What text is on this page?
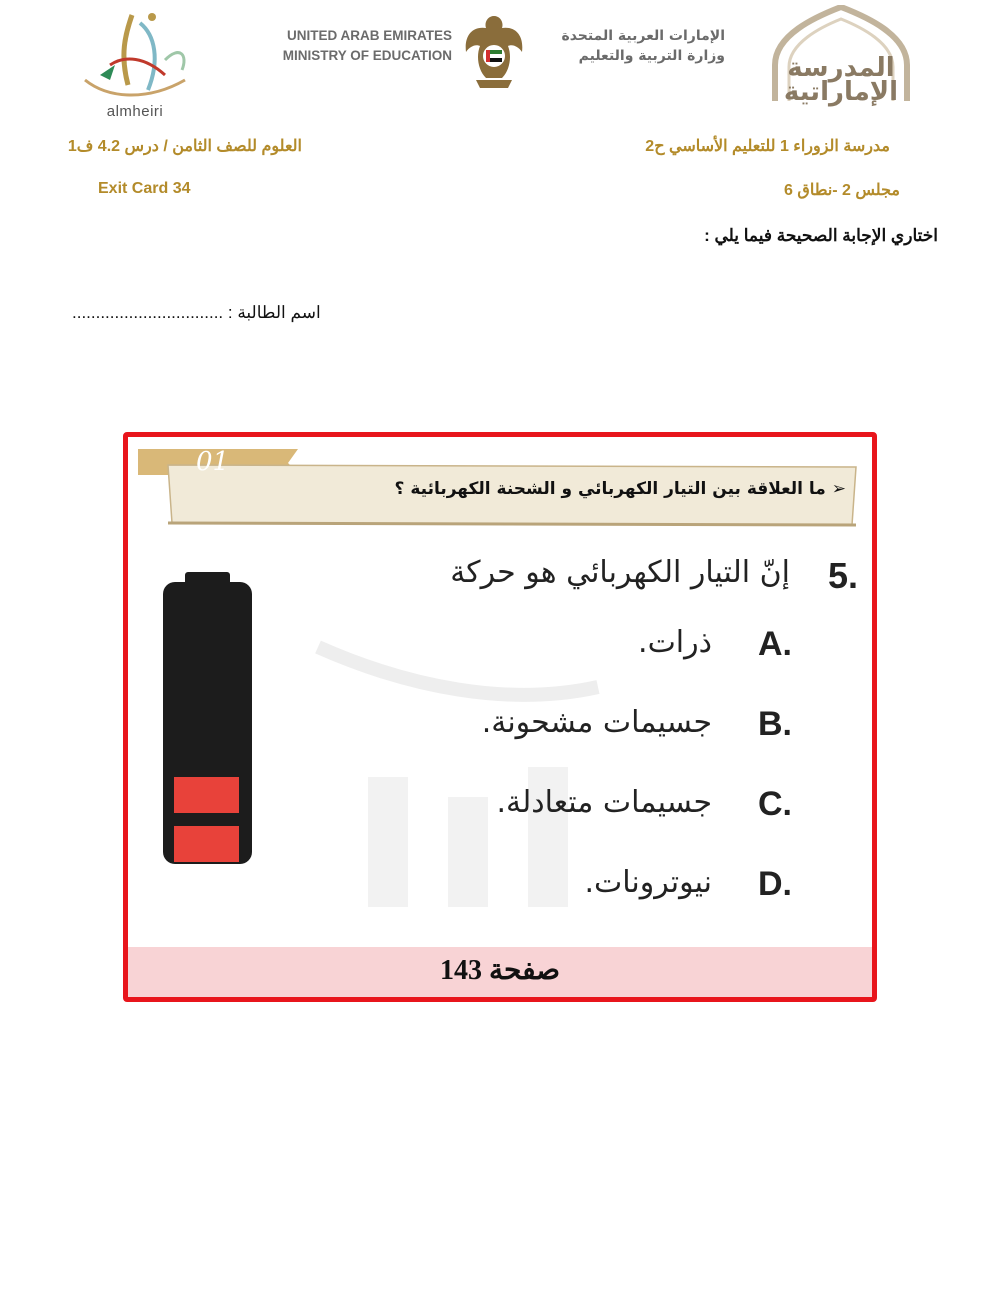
almheiri
UNITED ARAB EMIRATES
MINISTRY OF EDUCATION
الإمارات العربية المتحدة
وزارة التربية والتعليم	المدرسة
الإماراتية
مدرسة الزوراء 1 للتعليم الأساسي ح2
العلوم للصف الثامن / درس 4.2 ف1
مجلس 2 -نطاق 6
Exit Card 34
اختاري الإجابة الصحيحة فيما يلي :
................................ : اسم الطالبة
01
➢ ما العلاقة بين التيار الكهربائي و الشحنة الكهربائية ؟
5.
إنّ التيار الكهربائي هو حركة
A.
ذرات.
B.
جسيمات مشحونة.
C.
جسيمات متعادلة.
D.
نيوترونات.
صفحة 143
